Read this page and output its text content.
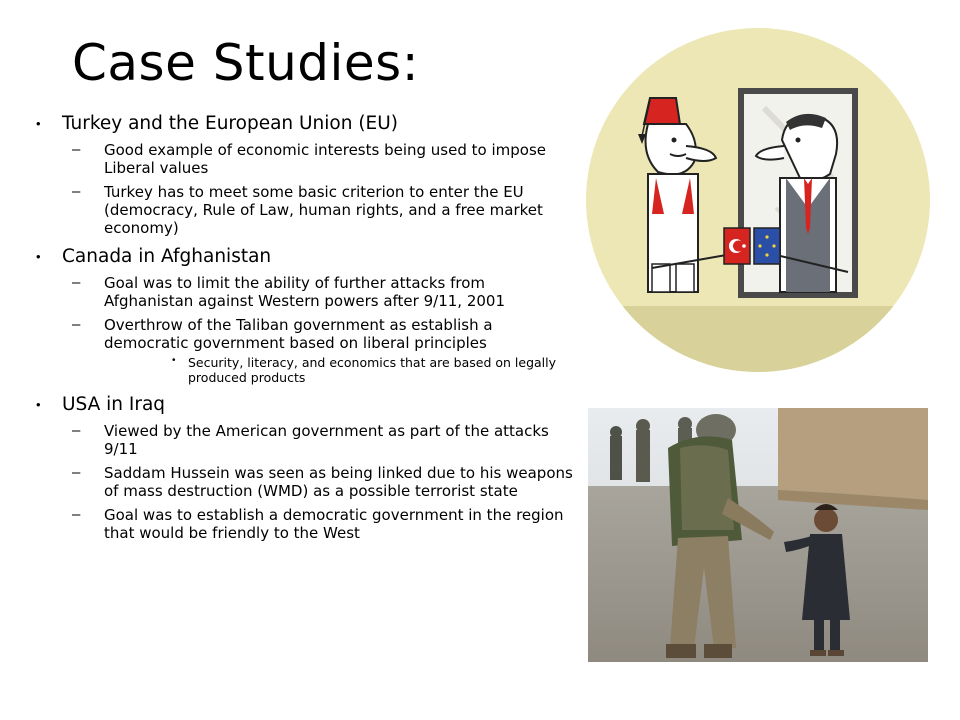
Case Studies:
• Turkey and the European Union (EU)
– Good example of economic interests being used to impose Liberal values
– Turkey has to meet some basic criterion to enter the EU (democracy, Rule of Law, human rights, and a free market economy)
• Canada in Afghanistan
– Goal was to limit the ability of further attacks from Afghanistan against Western powers after 9/11, 2001
– Overthrow of the Taliban government as establish a democratic government based on liberal principles
• Security, literacy, and economics that are based on legally produced products
• USA in Iraq
– Viewed by the American government as part of the attacks 9/11
– Saddam Hussein was seen as being linked due to his weapons of mass destruction (WMD) as a possible terrorist state
– Goal was to establish a democratic government in the region that would be friendly to the West
